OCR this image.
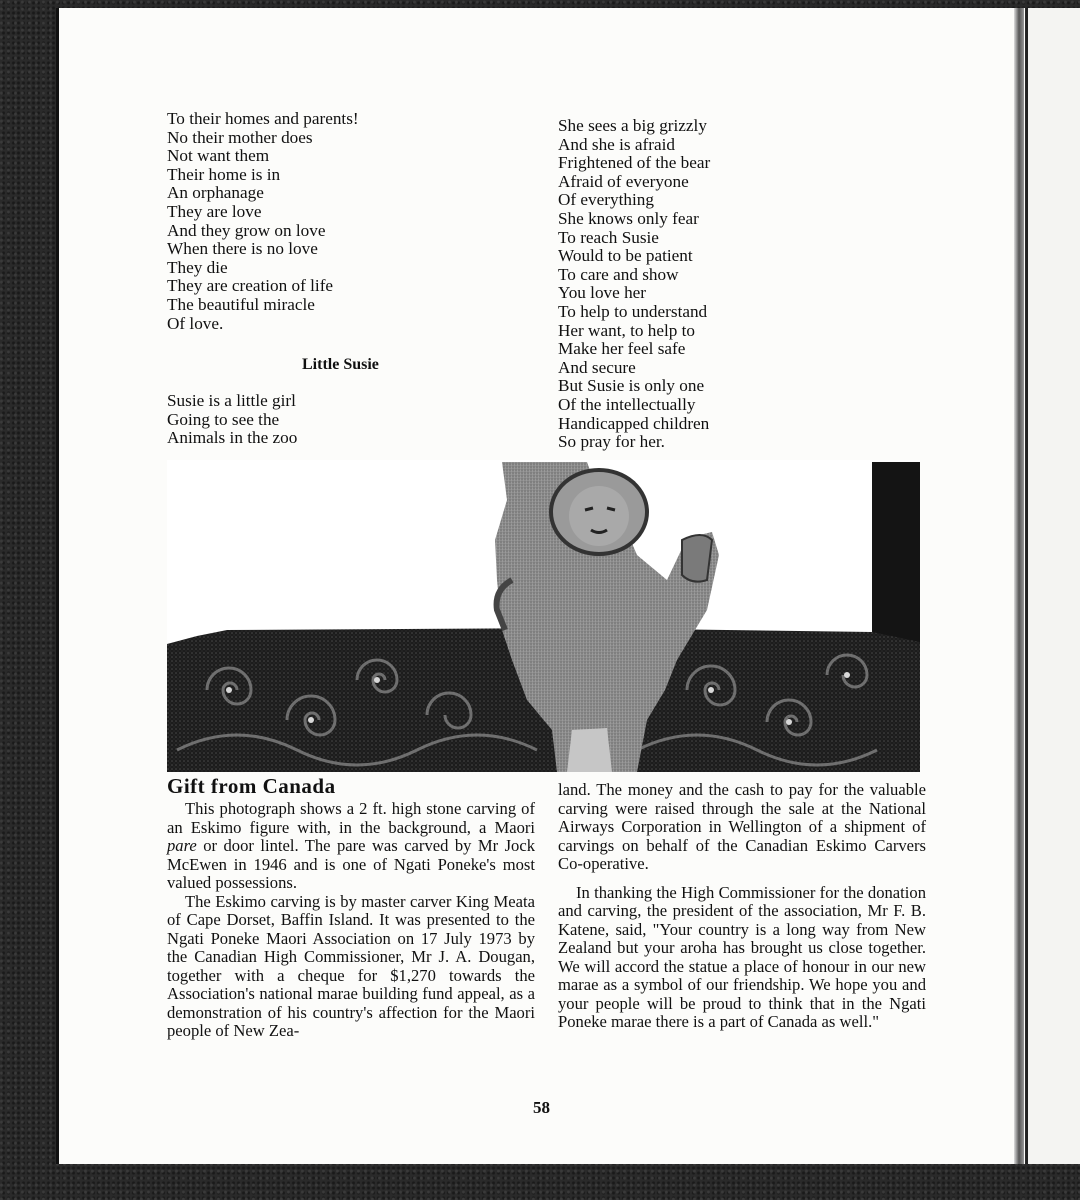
To their homes and parents!
No their mother does
Not want them
Their home is in
An orphanage
They are love
And they grow on love
When there is no love
They die
They are creation of life
The beautiful miracle
Of love.
Little Susie
Susie is a little girl
Going to see the
Animals in the zoo
She sees a big grizzly
And she is afraid
Frightened of the bear
Afraid of everyone
Of everything
She knows only fear
To reach Susie
Would to be patient
To care and show
You love her
To help to understand
Her want, to help to
Make her feel safe
And secure
But Susie is only one
Of the intellectually
Handicapped children
So pray for her.
Gift from Canada

This photograph shows a 2 ft. high stone carving of an Eskimo figure with, in the background, a Maori pare or door lintel. The pare was carved by Mr Jock McEwen in 1946 and is one of Ngati Poneke's most valued possessions.

The Eskimo carving is by master carver King Meata of Cape Dorset, Baffin Island. It was presented to the Ngati Poneke Maori Association on 17 July 1973 by the Canadian High Commissioner, Mr J. A. Dougan, together with a cheque for $1,270 towards the Association's national marae building fund appeal, as a demonstration of his country's affection for the Maori people of New Zea-

land. The money and the cash to pay for the valuable carving were raised through the sale at the National Airways Corporation in Wellington of a shipment of carvings on behalf of the Canadian Eskimo Carvers Co-operative.

In thanking the High Commissioner for the donation and carving, the president of the association, Mr F. B. Katene, said, "Your country is a long way from New Zealand but your aroha has brought us close together. We will accord the statue a place of honour in our new marae as a symbol of our friendship. We hope you and your people will be proud to think that in the Ngati Poneke marae there is a part of Canada as well."

58
